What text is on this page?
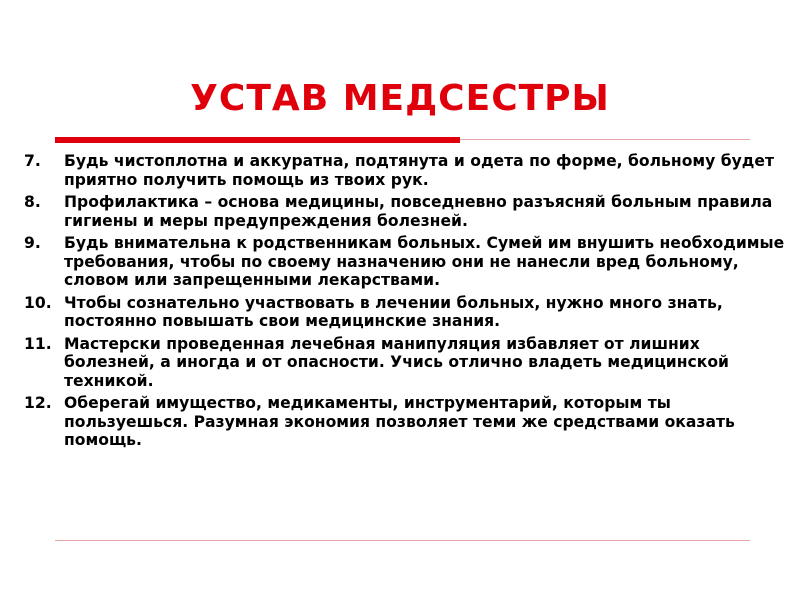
УСТАВ МЕДСЕСТРЫ
7.	Будь чистоплотна и аккуратна, подтянута и одета по форме, больному будет приятно получить помощь из твоих рук.
8.	Профилактика – основа медицины, повседневно разъясняй больным правила гигиены и меры предупреждения болезней.
9.	Будь внимательна к родственникам больных. Сумей им внушить необходимые требования, чтобы по своему назначению они не нанесли вред больному, словом или запрещенными лекарствами.
10. Чтобы сознательно участвовать в лечении больных, нужно много знать, постоянно повышать свои медицинские знания.
11. Мастерски проведенная лечебная манипуляция избавляет от лишних болезней, а иногда и от опасности. Учись отлично владеть медицинской техникой.
12. Оберегай имущество, медикаменты, инструментарий, которым ты пользуешься. Разумная экономия позволяет теми же средствами оказать помощь.
